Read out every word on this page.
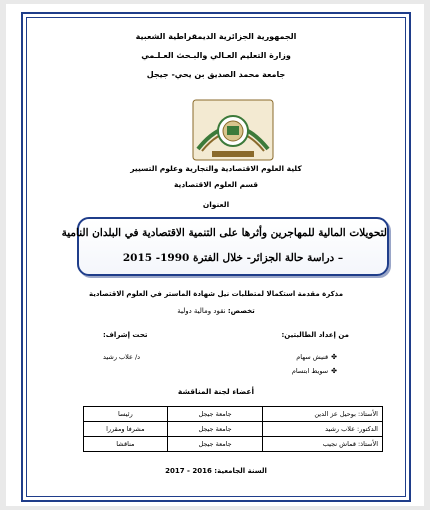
الجمهورية الجزائرية الديمقراطية الشعبية
وزارة التعليم العـالي والبـحث العـلـمي
جامعة محمد الصديق بن يحي- جيجل
كلية العلوم الاقتصادية والتجارية وعلوم التسيير
قسم العلوم الاقتصادية
العنوان
لتحويلات المالية للمهاجرين وأثرها على التنمية الاقتصادية في البلدان النامية
– دراسة حالة الجزائر- خلال الفترة 1990- 2015
مذكرة مقدمة استكمالا لمتطلبات نيل شهادة الماستر في العلوم الاقتصادية
تخصص: نقود ومالية دولية
من إعداد الطالبتين:
تحت إشراف:
✤قنيش سهام
✤سويط ابتسام
د/ علاب رشيد
أعضاء لجنة المناقشة
الأستاذ: بوحيل عز الدين	جامعة جيجل	رئيسا
الدكتور: علاب رشيد	جامعة جيجل	مشرفا ومقررا
الأستاذ: قماش نجيب	جامعة جيجل	مناقشا
السنة الجامعية: 2016 - 2017
